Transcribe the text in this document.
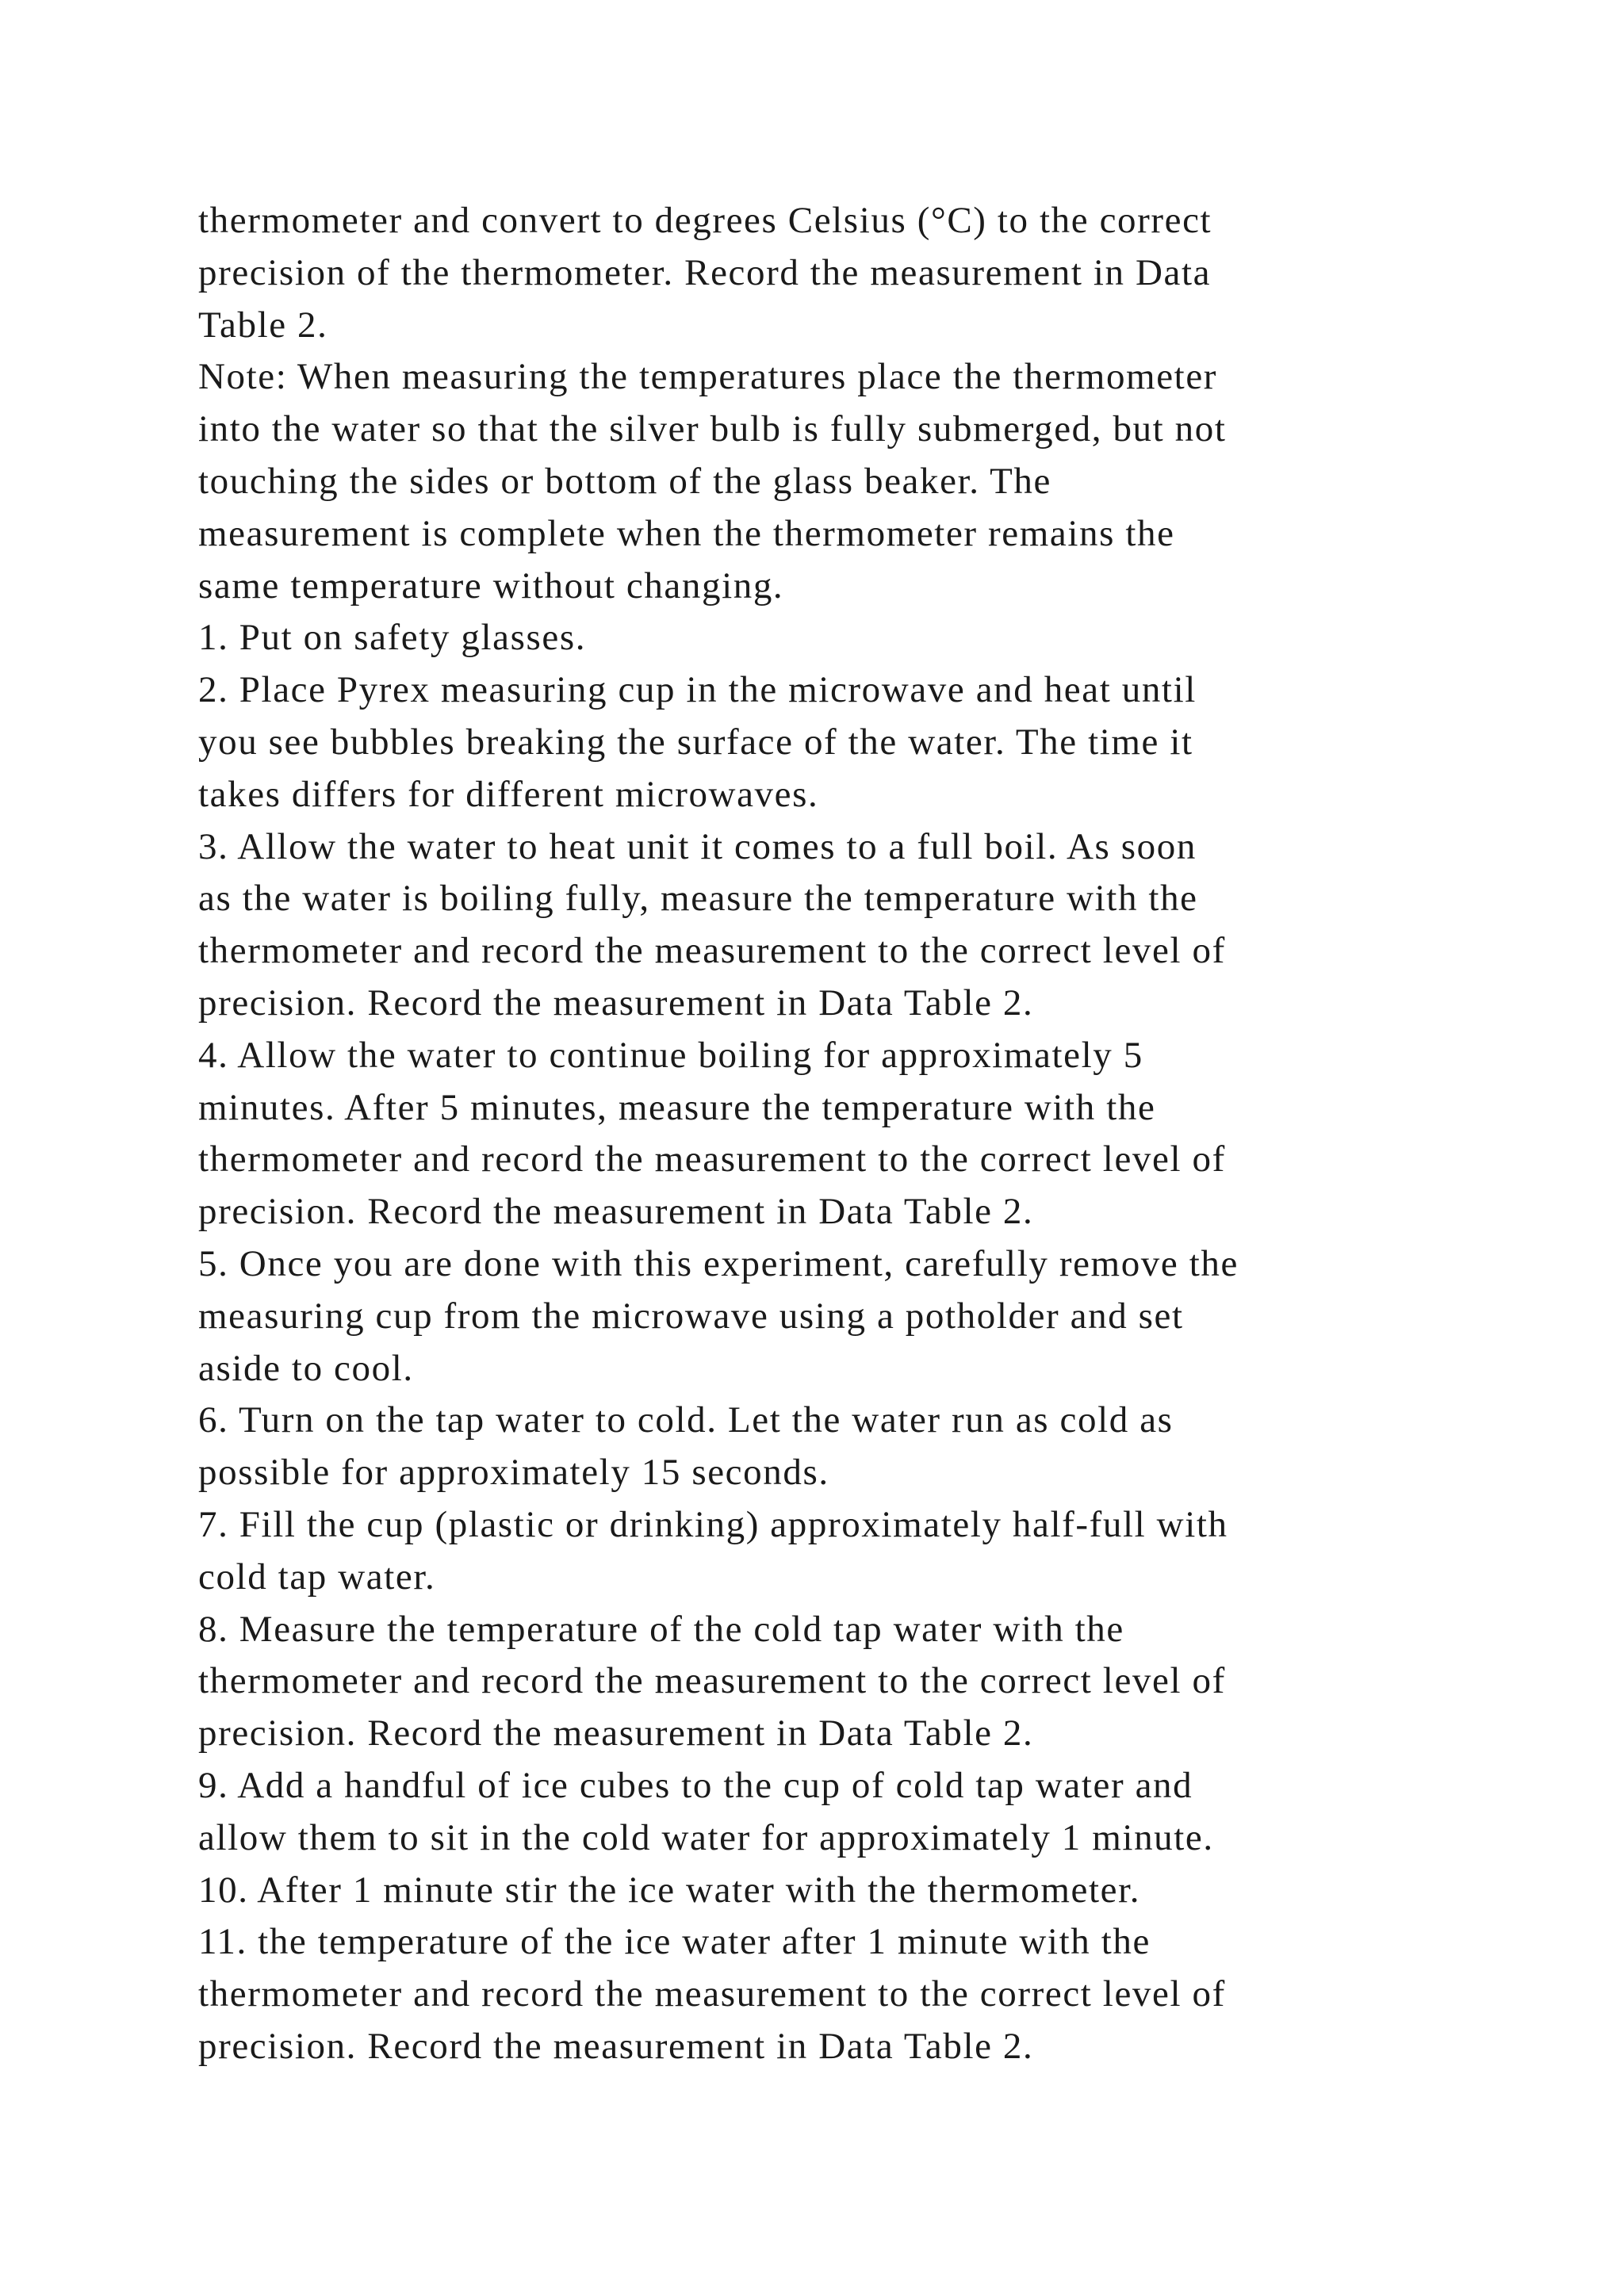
thermometer and convert to degrees Celsius (°C) to the correct
precision of the thermometer. Record the measurement in Data
Table 2.
Note: When measuring the temperatures place the thermometer
into the water so that the silver bulb is fully submerged, but not
touching the sides or bottom of the glass beaker. The
measurement is complete when the thermometer remains the
same temperature without changing.
1. Put on safety glasses.
2. Place Pyrex measuring cup in the microwave and heat until
you see bubbles breaking the surface of the water. The time it
takes differs for different microwaves.
3. Allow the water to heat unit it comes to a full boil. As soon
as the water is boiling fully, measure the temperature with the
thermometer and record the measurement to the correct level of
precision. Record the measurement in Data Table 2.
4. Allow the water to continue boiling for approximately 5
minutes. After 5 minutes, measure the temperature with the
thermometer and record the measurement to the correct level of
precision. Record the measurement in Data Table 2.
5. Once you are done with this experiment, carefully remove the
measuring cup from the microwave using a potholder and set
aside to cool.
6. Turn on the tap water to cold. Let the water run as cold as
possible for approximately 15 seconds.
7. Fill the cup (plastic or drinking) approximately half-full with
cold tap water.
8. Measure the temperature of the cold tap water with the
thermometer and record the measurement to the correct level of
precision. Record the measurement in Data Table 2.
9. Add a handful of ice cubes to the cup of cold tap water and
allow them to sit in the cold water for approximately 1 minute.
10. After 1 minute stir the ice water with the thermometer.
11. the temperature of the ice water after 1 minute with the
thermometer and record the measurement to the correct level of
precision. Record the measurement in Data Table 2.
